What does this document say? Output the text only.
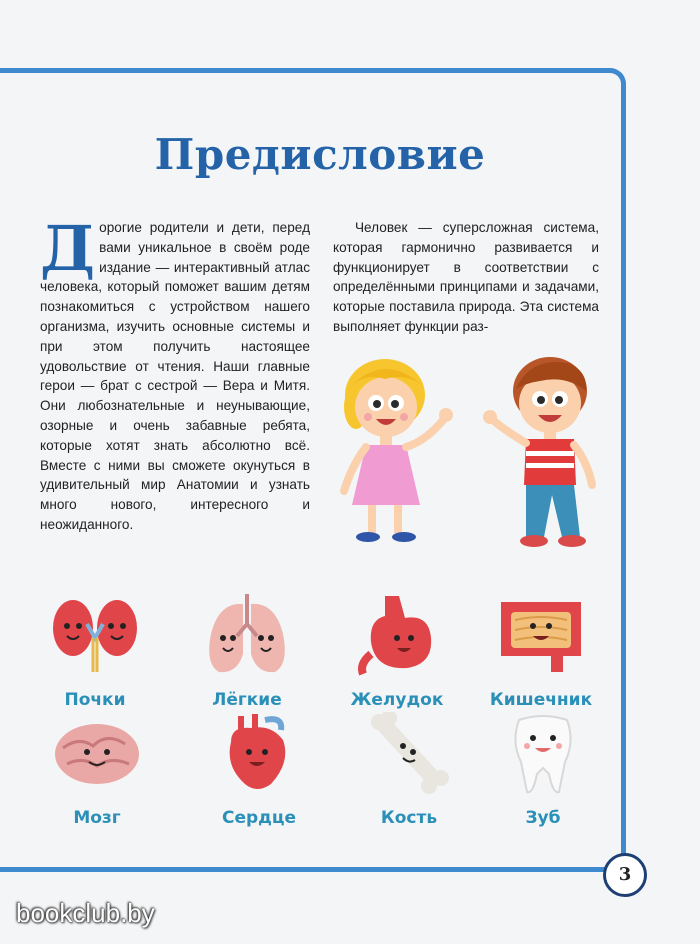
Предисловие
Дорогие родители и дети, перед вами уникальное в своём роде издание — интерактивный атлас человека, который поможет вашим детям познакомиться с устройством нашего организма, изучить основные системы и при этом получить настоящее удовольствие от чтения. Наши главные герои — брат с сестрой — Вера и Митя. Они любознательные и неунывающие, озорные и очень забавные ребята, которые хотят знать абсолютно всё. Вместе с ними вы сможете окунуться в удивительный мир Анатомии и узнать много нового, интересного и неожиданного.
Человек — суперсложная система, которая гармонично развивается и функционирует в соответствии с определёнными принципами и задачами, которые поставила природа. Эта система выполняет функции раз-
Почки	Лёгкие	Желудок	Кишечник
Мозг	Сердце	Кость	Зуб
3
bookclub.by
